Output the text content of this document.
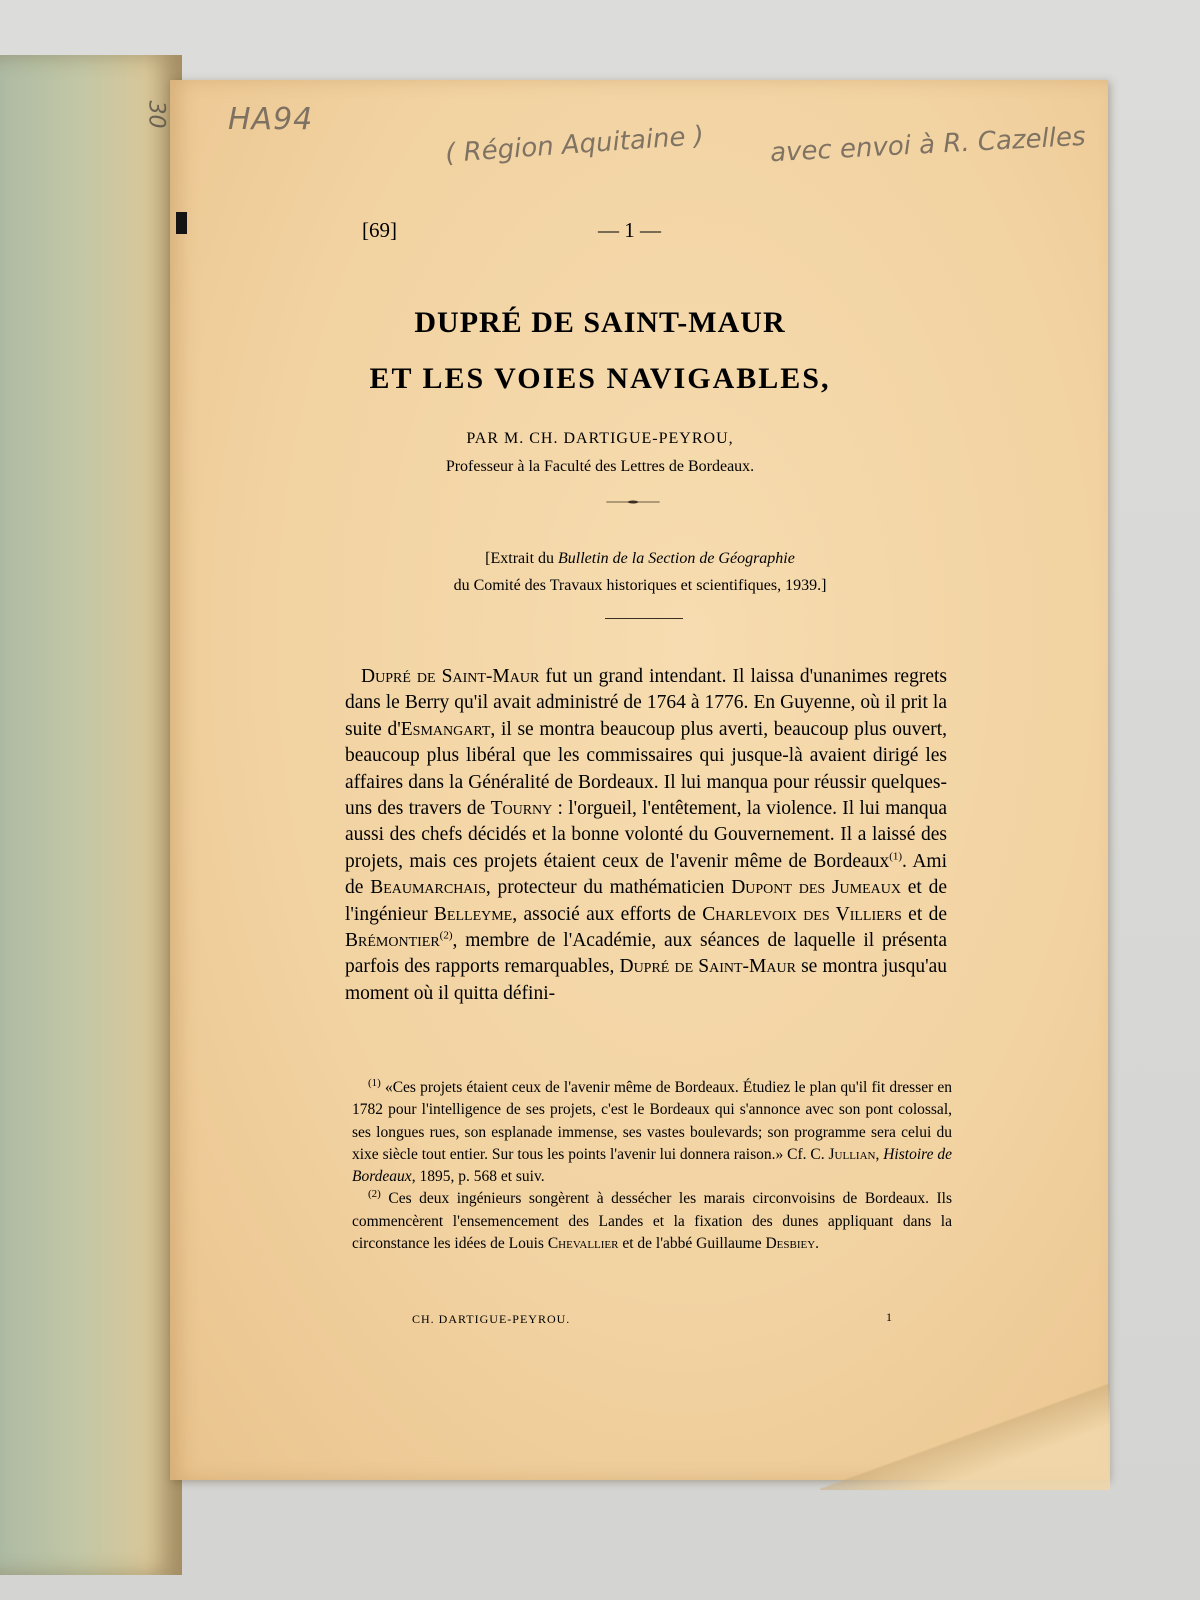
30 HA94
( Région Aquitaine ) avec envoi à R. Cazelles
[69]	— 1 —
DUPRÉ DE SAINT-MAUR
ET LES VOIES NAVIGABLES,
PAR M. CH. DARTIGUE-PEYROU,
Professeur à la Faculté des Lettres de Bordeaux.
[Extrait du Bulletin de la Section de Géographie
du Comité des Travaux historiques et scientifiques, 1939.]

Dupré de Saint-Maur fut un grand intendant. Il laissa d'unanimes regrets dans le Berry qu'il avait administré de 1764 à 1776. En Guyenne, où il prit la suite d'Esmangart, il se montra beaucoup plus averti, beaucoup plus ouvert, beaucoup plus libéral que les commissaires qui jusque-là avaient dirigé les affaires dans la Généralité de Bordeaux. Il lui manqua pour réussir quelques-uns des travers de Tourny : l'orgueil, l'entêtement, la violence. Il lui manqua aussi des chefs décidés et la bonne volonté du Gouvernement. Il a laissé des projets, mais ces projets étaient ceux de l'avenir même de Bordeaux$^{(1)}$. Ami de Beaumarchais, protecteur du mathématicien Dupont des Jumeaux et de l'ingénieur Belleyme, associé aux efforts de Charlevoix des Villiers et de Brémontier$^{(2)}$, membre de l'Académie, aux séances de laquelle il présenta parfois des rapports remarquables, Dupré de Saint-Maur se montra jusqu'au moment où il quitta défini-

$^{(1)}$ «Ces projets étaient ceux de l'avenir même de Bordeaux. Étudiez le plan qu'il fit dresser en 1782 pour l'intelligence de ses projets, c'est le Bordeaux qui s'annonce avec son pont colossal, ses longues rues, son esplanade immense, ses vastes boulevards; son programme sera celui du xixe siècle tout entier. Sur tous les points l'avenir lui donnera raison.» Cf. C. Jullian, Histoire de Bordeaux, 1895, p. 568 et suiv.

$^{(2)}$ Ces deux ingénieurs songèrent à dessécher les marais circonvoisins de Bordeaux. Ils commencèrent l'ensemencement des Landes et la fixation des dunes appliquant dans la circonstance les idées de Louis Chevallier et de l'abbé Guillaume Desbiey.

CH. DARTIGUE-PEYROU.	1
